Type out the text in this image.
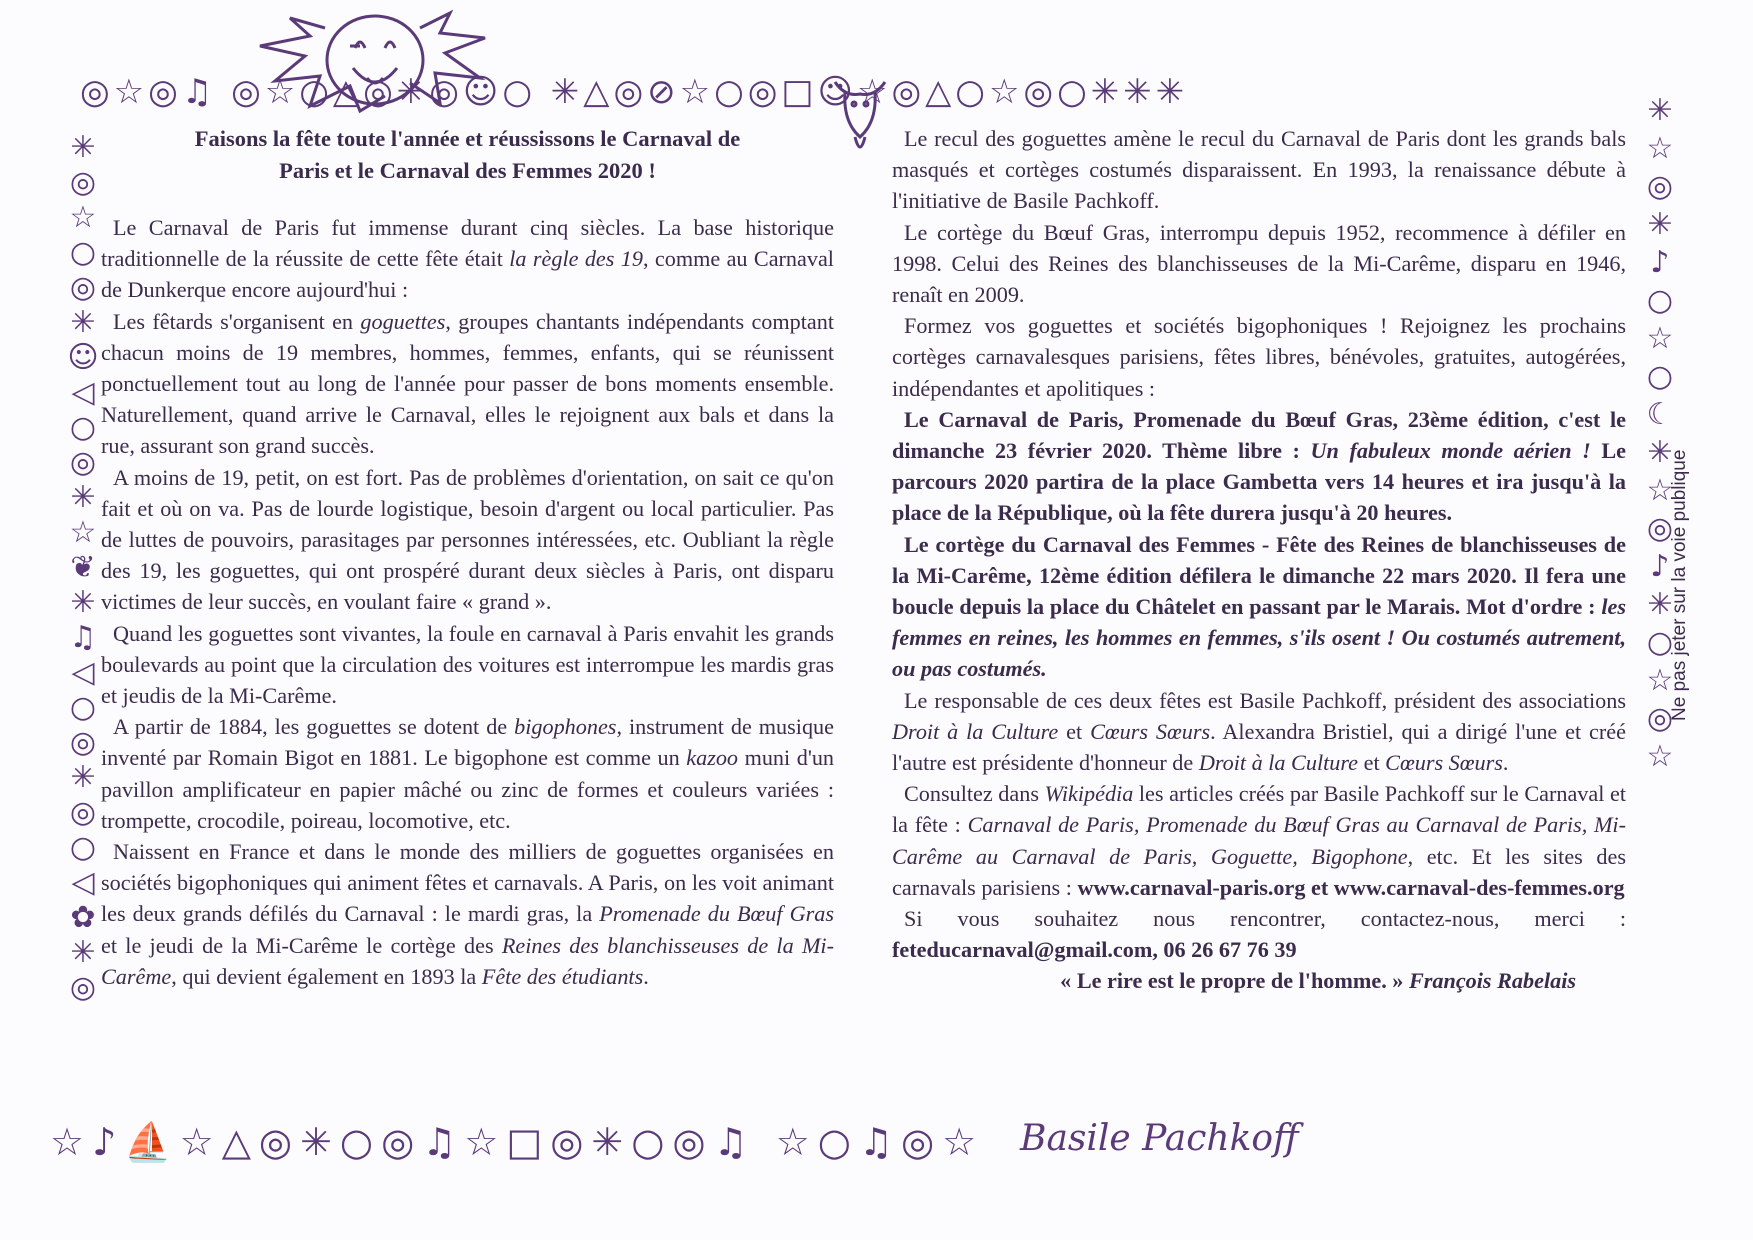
◎☆◎♫ ◎☆○△◎✳◎☺○ ✳△◎⊘☆○◎□☺☆◎△○☆◎○✳✳✳
✳ ◎ ☆ ○ ◎ ✳ ☺ ◁ ○ ◎ ✳ ☆ ❦ ✳ ♫ ◁ ○ ◎ ✳ ◎ ○ ◁ ✿ ✳ ◎
✳ ☆ ◎ ✳ ♪ ○ ☆ ○ ☾ ✳ ☆ ◎ ♪ ✳ ○ ☆ ◎ ☆
☆♪⛵☆△◎✳○◎♫☆□◎✳○◎♫ ☆○♫◎☆ Basile Pachkoff

Faisons la fête toute l'année et réussissons le Carnaval de
Paris et le Carnaval des Femmes 2020 !

Le Carnaval de Paris fut immense durant cinq siècles. La base historique traditionnelle de la réussite de cette fête était la règle des 19, comme au Carnaval de Dunkerque encore aujourd'hui :

Les fêtards s'organisent en goguettes, groupes chantants indépendants comptant chacun moins de 19 membres, hommes, femmes, enfants, qui se réunissent ponctuellement tout au long de l'année pour passer de bons moments ensemble. Naturellement, quand arrive le Carnaval, elles le rejoignent aux bals et dans la rue, assurant son grand succès.

A moins de 19, petit, on est fort. Pas de problèmes d'orientation, on sait ce qu'on fait et où on va. Pas de lourde logistique, besoin d'argent ou local particulier. Pas de luttes de pouvoirs, parasitages par personnes intéressées, etc. Oubliant la règle des 19, les goguettes, qui ont prospéré durant deux siècles à Paris, ont disparu victimes de leur succès, en voulant faire « grand ».

Quand les goguettes sont vivantes, la foule en carnaval à Paris envahit les grands boulevards au point que la circulation des voitures est interrompue les mardis gras et jeudis de la Mi-Carême.

A partir de 1884, les goguettes se dotent de bigophones, instrument de musique inventé par Romain Bigot en 1881. Le bigophone est comme un kazoo muni d'un pavillon amplificateur en papier mâché ou zinc de formes et couleurs variées : trompette, crocodile, poireau, locomotive, etc.

Naissent en France et dans le monde des milliers de goguettes organisées en sociétés bigophoniques qui animent fêtes et carnavals. A Paris, on les voit animant les deux grands défilés du Carnaval : le mardi gras, la Promenade du Bœuf Gras et le jeudi de la Mi-Carême le cortège des Reines des blanchisseuses de la Mi-Carême, qui devient également en 1893 la Fête des étudiants.

Le recul des goguettes amène le recul du Carnaval de Paris dont les grands bals masqués et cortèges costumés disparaissent. En 1993, la renaissance débute à l'initiative de Basile Pachkoff.

Le cortège du Bœuf Gras, interrompu depuis 1952, recommence à défiler en 1998. Celui des Reines des blanchisseuses de la Mi-Carême, disparu en 1946, renaît en 2009.

Formez vos goguettes et sociétés bigophoniques ! Rejoignez les prochains cortèges carnavalesques parisiens, fêtes libres, bénévoles, gratuites, autogérées, indépendantes et apolitiques :

Le Carnaval de Paris, Promenade du Bœuf Gras, 23ème édition, c'est le dimanche 23 février 2020. Thème libre : Un fabuleux monde aérien ! Le parcours 2020 partira de la place Gambetta vers 14 heures et ira jusqu'à la place de la République, où la fête durera jusqu'à 20 heures.

Le cortège du Carnaval des Femmes - Fête des Reines de blanchisseuses de la Mi-Carême, 12ème édition défilera le dimanche 22 mars 2020. Il fera une boucle depuis la place du Châtelet en passant par le Marais. Mot d'ordre : les femmes en reines, les hommes en femmes, s'ils osent ! Ou costumés autrement, ou pas costumés.

Le responsable de ces deux fêtes est Basile Pachkoff, président des associations Droit à la Culture et Cœurs Sœurs. Alexandra Bristiel, qui a dirigé l'une et créé l'autre est présidente d'honneur de Droit à la Culture et Cœurs Sœurs.

Consultez dans Wikipédia les articles créés par Basile Pachkoff sur le Carnaval et la fête : Carnaval de Paris, Promenade du Bœuf Gras au Carnaval de Paris, Mi-Carême au Carnaval de Paris, Goguette, Bigophone, etc. Et les sites des carnavals parisiens : www.carnaval-paris.org et www.carnaval-des-femmes.org

Si vous souhaitez nous rencontrer, contactez-nous, merci : feteducarnaval@gmail.com, 06 26 67 76 39

« Le rire est le propre de l'homme. » François Rabelais

Ne pas jeter sur la voie publique
